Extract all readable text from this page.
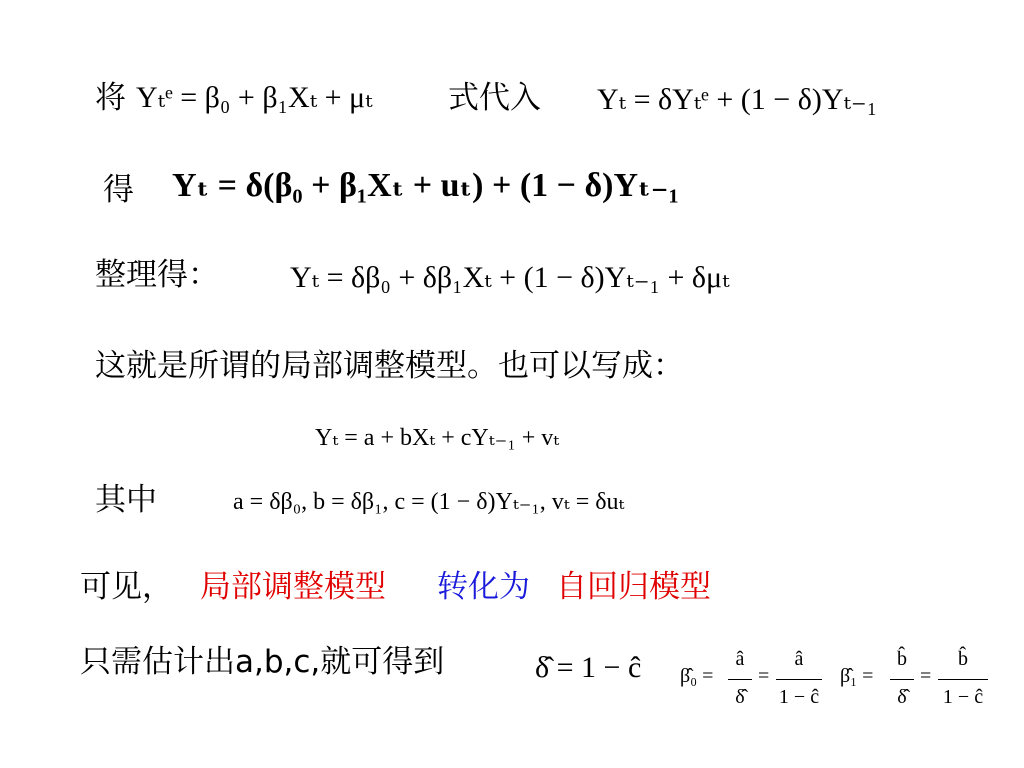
将 Yₜᵉ = β₀ + β₁Xₜ + μₜ 式代入 Yₜ = δYₜᵉ + (1 − δ)Yₜ₋₁
得 Yₜ = δ(β₀ + β₁Xₜ + uₜ) + (1 − δ)Yₜ₋₁
整理得： Yₜ = δβ₀ + δβ₁Xₜ + (1 − δ)Yₜ₋₁ + δμₜ
这就是所谓的局部调整模型。也可以写成：
Yₜ = a + bXₜ + cYₜ₋₁ + vₜ
其中	a = δβ₀, b = δβ₁, c = (1 − δ)Yₜ₋₁, vₜ = δuₜ
可见， 局部调整模型 转化为 自回归模型
只需估计出a,b,c,就可得到	δ̂ = 1 − ĉ β̂₀ =
â
δ̂
=
â
1 − ĉ
β̂₁ =
b̂
δ̂
=
b̂
1 − ĉ
